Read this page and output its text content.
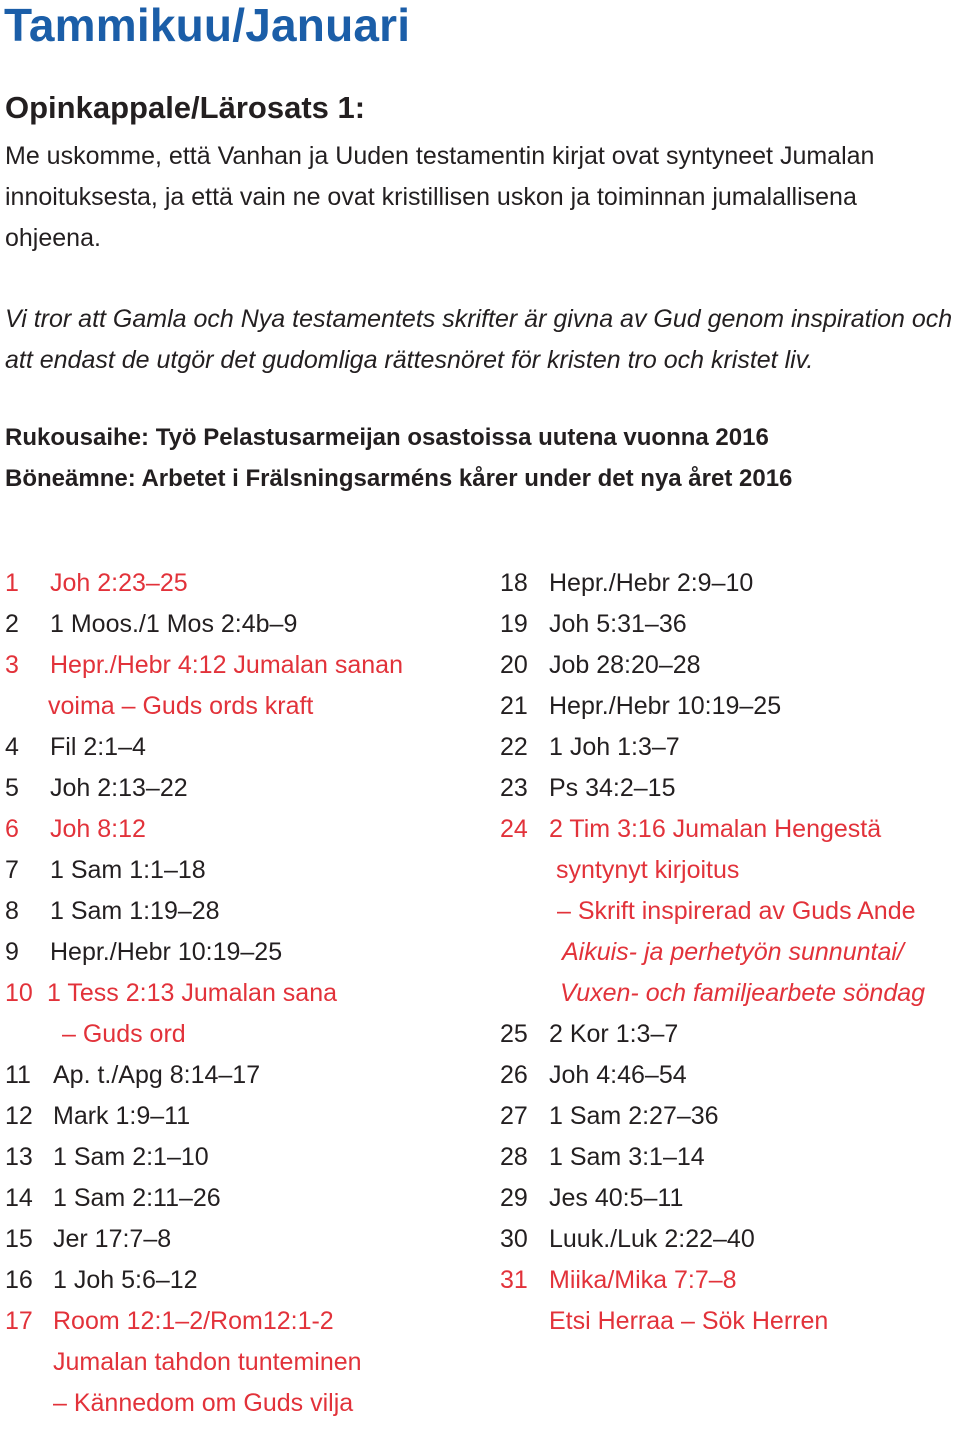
Tammikuu/Januari
Opinkappale/Lärosats 1:

Me uskomme, että Vanhan ja Uuden testamentin kirjat ovat syntyneet Jumalan innoituksesta, ja että vain ne ovat kristillisen uskon ja toiminnan jumalallisena ohjeena.

Vi tror att Gamla och Nya testamentets skrifter är givna av Gud genom inspiration och att endast de utgör det gudomliga rättesnöret för kristen tro och kristet liv.

Rukousaihe: Työ Pelastusarmeijan osastoissa uutena vuonna 2016

Böneämne: Arbetet i Frälsningsarméns kårer under det nya året 2016

1 Joh 2:23–25
2 1 Moos./1 Mos 2:4b–9
3 Hepr./Hebr 4:12 Jumalan sanan
voima – Guds ords kraft
4 Fil 2:1–4
5 Joh 2:13–22
6 Joh 8:12
7 1 Sam 1:1–18
8 1 Sam 1:19–28
9 Hepr./Hebr 10:19–25
10 1 Tess 2:13 Jumalan sana
– Guds ord
11 Ap. t./Apg 8:14–17
12 Mark 1:9–11
13 1 Sam 2:1–10
14 1 Sam 2:11–26
15 Jer 17:7–8
16 1 Joh 5:6–12
17 Room 12:1–2/Rom12:1-2
Jumalan tahdon tunteminen
– Kännedom om Guds vilja
18 Hepr./Hebr 2:9–10
19 Joh 5:31–36
20 Job 28:20–28
21 Hepr./Hebr 10:19–25
22 1 Joh 1:3–7
23 Ps 34:2–15
24 2 Tim 3:16 Jumalan Hengestä
syntynyt kirjoitus
– Skrift inspirerad av Guds Ande
Aikuis- ja perhetyön sunnuntai/
Vuxen- och familjearbete söndag
25 2 Kor 1:3–7
26 Joh 4:46–54
27 1 Sam 2:27–36
28 1 Sam 3:1–14
29 Jes 40:5–11
30 Luuk./Luk 2:22–40
31 Miika/Mika 7:7–8
Etsi Herraa – Sök Herren
